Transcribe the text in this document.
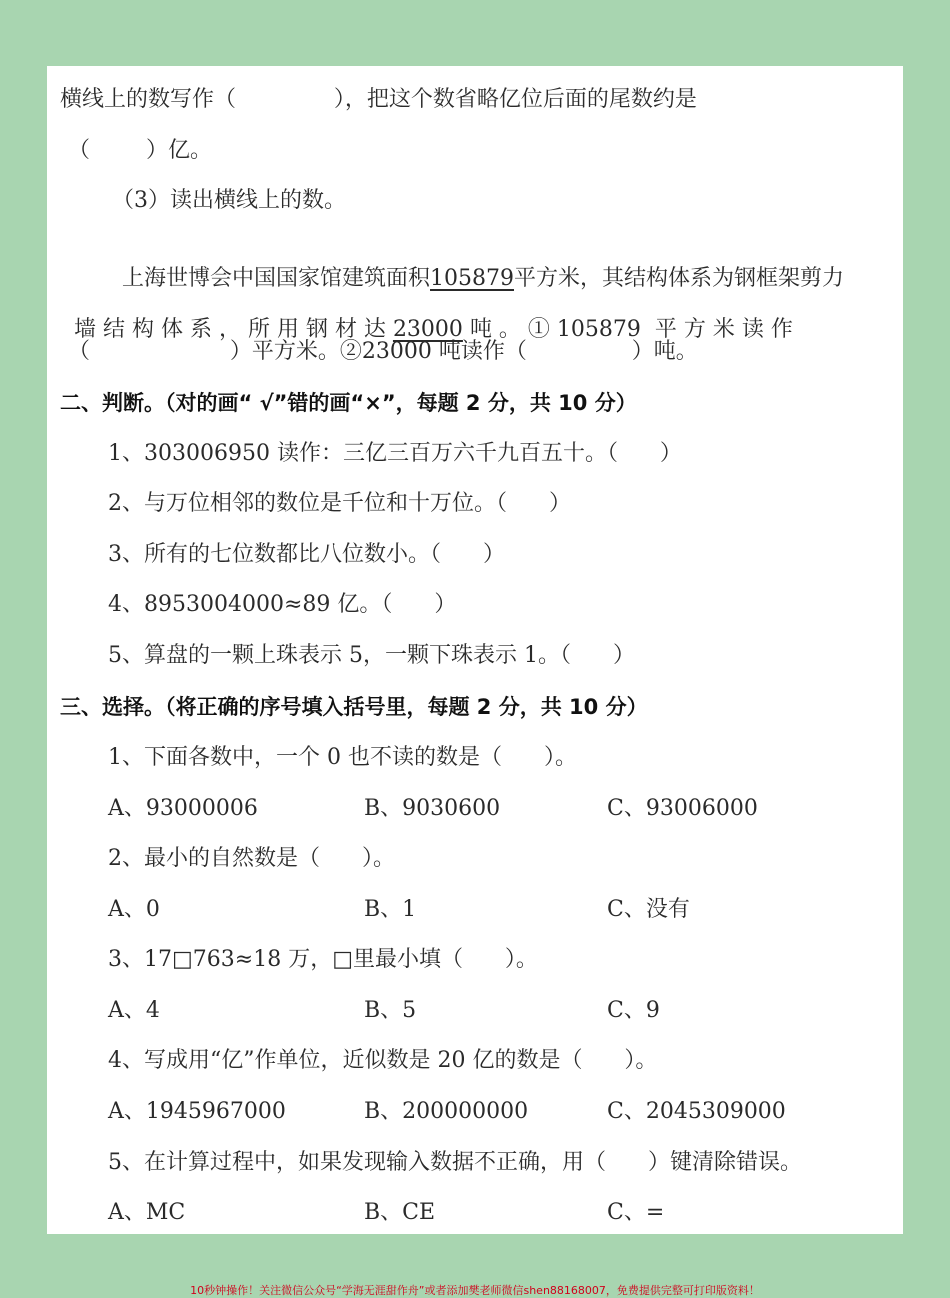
横线上的数写作（              ），把这个数省略亿位后面的尾数约是
（        ）亿。
（3）读出横线上的数。

上海世博会中国国家馆建筑面积105879平方米，其结构体系为钢框架剪力

墙 结 构 体 系 ， 所 用 钢 材 达 23000 吨 。 ① 105879  平 方 米 读 作

（                    ）平方米。②23000 吨读作（               ）吨。
二、判断。（对的画“ √”错的画“×”，每题 2 分，共 10 分）
1、303006950 读作：三亿三百万六千九百五十。（      ）
2、与万位相邻的数位是千位和十万位。（      ）
3、所有的七位数都比八位数小。（      ）
4、8953004000≈89 亿。（      ）
5、算盘的一颗上珠表示 5，一颗下珠表示 1。（      ）
三、选择。（将正确的序号填入括号里，每题 2 分，共 10 分）
1、下面各数中，一个 0 也不读的数是（      ）。
A、93000006	B、9030600	C、93006000
2、最小的自然数是（      ）。
A、0	B、1	C、没有
3、17□763≈18 万，□里最小填（      ）。
A、4	B、5	C、9
4、写成用“亿”作单位，近似数是 20 亿的数是（      ）。
A、1945967000	B、200000000	C、2045309000
5、在计算过程中，如果发现输入数据不正确，用（      ）键清除错误。
A、MC	B、CE	C、=
10秒钟操作！关注微信公众号“学海无涯甜作舟”或者添加樊老师微信shen88168007，免费提供完整可打印版资料！
